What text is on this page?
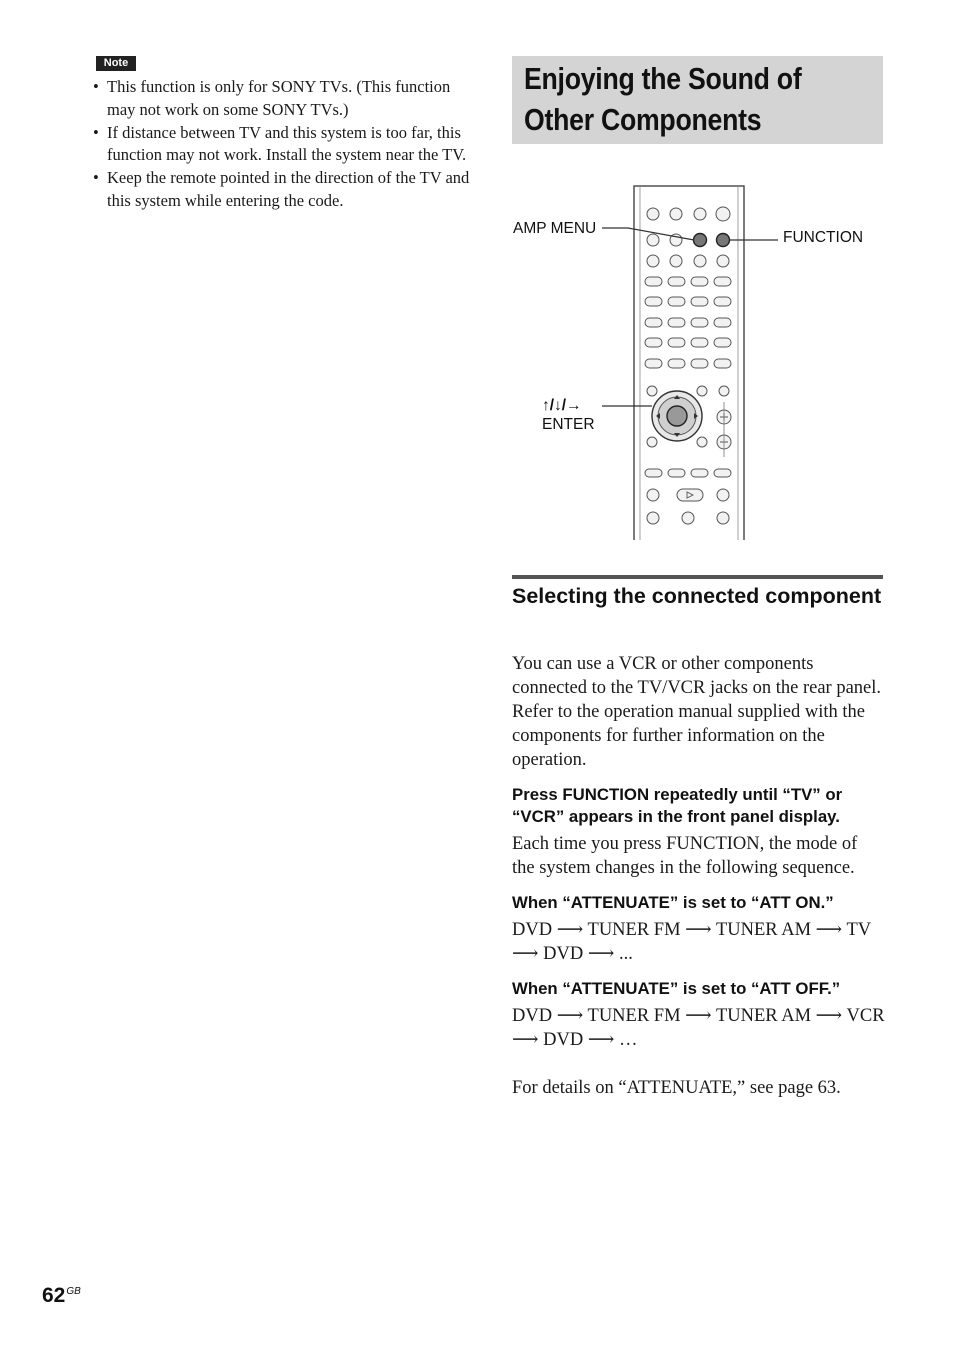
Note
• This function is only for SONY TVs. (This function may not work on some SONY TVs.)
• If distance between TV and this system is too far, this function may not work. Install the system near the TV.
• Keep the remote pointed in the direction of the TV and this system while entering the code.
Enjoying the Sound of Other Components
AMP MENU
FUNCTION
↑/↓/→
ENTER
Selecting the connected component
You can use a VCR or other components connected to the TV/VCR jacks on the rear panel. Refer to the operation manual supplied with the components for further information on the operation.
Press FUNCTION repeatedly until “TV” or “VCR” appears in the front panel display.
Each time you press FUNCTION, the mode of the system changes in the following sequence.
When “ATTENUATE” is set to “ATT ON.”
DVD ⟶ TUNER FM ⟶ TUNER AM ⟶ TV
⟶ DVD ⟶ ...
When “ATTENUATE” is set to “ATT OFF.”
DVD ⟶ TUNER FM ⟶ TUNER AM ⟶ VCR
⟶ DVD ⟶ …
For details on “ATTENUATE,” see page 63.
$62^{GB}$
